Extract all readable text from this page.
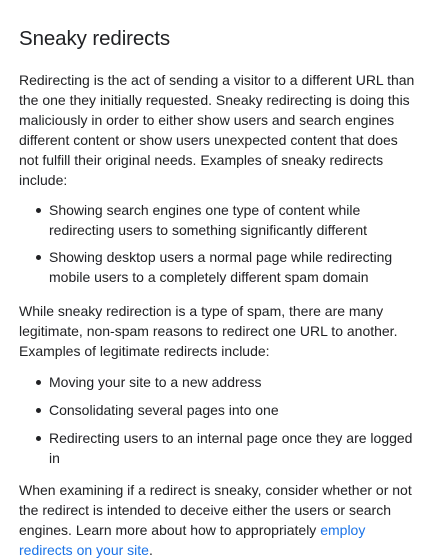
Sneaky redirects

Redirecting is the act of sending a visitor to a different URL than the one they initially requested. Sneaky redirecting is doing this maliciously in order to either show users and search engines different content or show users unexpected content that does not fulfill their original needs. Examples of sneaky redirects include:

Showing search engines one type of content while redirecting users to something significantly different
Showing desktop users a normal page while redirecting mobile users to a completely different spam domain

While sneaky redirection is a type of spam, there are many legitimate, non-spam reasons to redirect one URL to another. Examples of legitimate redirects include:

Moving your site to a new address
Consolidating several pages into one
Redirecting users to an internal page once they are logged in

When examining if a redirect is sneaky, consider whether or not the redirect is intended to deceive either the users or search engines. Learn more about how to appropriately employ redirects on your site.
